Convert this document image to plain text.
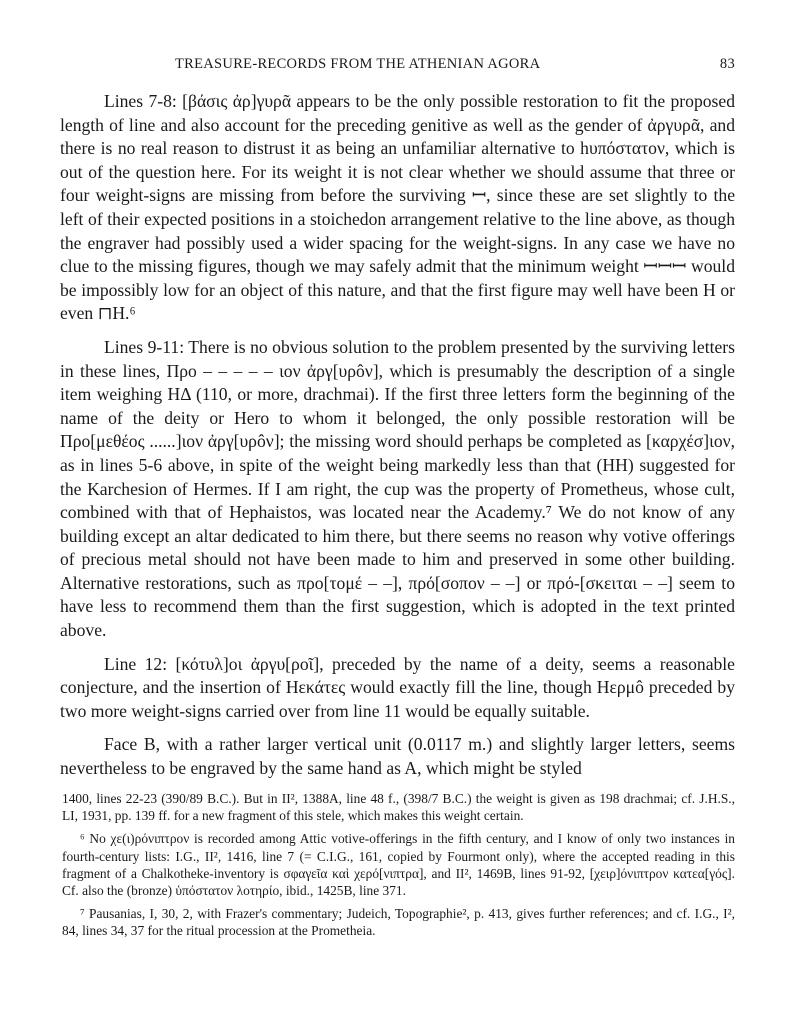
TREASURE-RECORDS FROM THE ATHENIAN AGORA	83

Lines 7-8: [βάσις ἀρ]γυρᾶ appears to be the only possible restoration to fit the proposed length of line and also account for the preceding genitive as well as the gender of ἀργυρᾶ, and there is no real reason to distrust it as being an unfamiliar alternative to hυπόστατον, which is out of the question here. For its weight it is not clear whether we should assume that three or four weight-signs are missing from before the surviving ꟷ, since these are set slightly to the left of their expected positions in a stoichedon arrangement relative to the line above, as though the engraver had possibly used a wider spacing for the weight-signs. In any case we have no clue to the missing figures, though we may safely admit that the minimum weight ꟷꟷꟷ would be impossibly low for an object of this nature, and that the first figure may well have been H or even ⊓H.⁶

Lines 9-11: There is no obvious solution to the problem presented by the surviving letters in these lines, Προ – – – – – ιον ἀργ[υρôν], which is presumably the description of a single item weighing HΔ (110, or more, drachmai). If the first three letters form the beginning of the name of the deity or Hero to whom it belonged, the only possible restoration will be Προ[μεθέος ......]ιον ἀργ[υρôν]; the missing word should perhaps be completed as [καρχέσ]ιον, as in lines 5-6 above, in spite of the weight being markedly less than that (HH) suggested for the Karchesion of Hermes. If I am right, the cup was the property of Prometheus, whose cult, combined with that of Hephaistos, was located near the Academy.⁷ We do not know of any building except an altar dedicated to him there, but there seems no reason why votive offerings of precious metal should not have been made to him and preserved in some other building. Alternative restorations, such as προ[τομέ – –], πρό[σοπον – –] or πρό-[σκειται – –] seem to have less to recommend them than the first suggestion, which is adopted in the text printed above.

Line 12: [κότυλ]οι ἀργυ[ροῖ], preceded by the name of a deity, seems a reasonable conjecture, and the insertion of Hεκάτες would exactly fill the line, though Hερμô preceded by two more weight-signs carried over from line 11 would be equally suitable.

Face B, with a rather larger vertical unit (0.0117 m.) and slightly larger letters, seems nevertheless to be engraved by the same hand as A, which might be styled

1400, lines 22-23 (390/89 B.C.). But in II², 1388A, line 48 f., (398/7 B.C.) the weight is given as 198 drachmai; cf. J.H.S., LI, 1931, pp. 139 ff. for a new fragment of this stele, which makes this weight certain.

⁶ No χε(ι)ρόνιπτρον is recorded among Attic votive-offerings in the fifth century, and I know of only two instances in fourth-century lists: I.G., II², 1416, line 7 (= C.I.G., 161, copied by Fourmont only), where the accepted reading in this fragment of a Chalkotheke-inventory is σφαγεῖα καὶ χερό[νιπτρα], and II², 1469B, lines 91-92, [χειρ]όνιπτρον κατεα[γός]. Cf. also the (bronze) ὑπόστατον λοτηρίο, ibid., 1425B, line 371.

⁷ Pausanias, I, 30, 2, with Frazer's commentary; Judeich, Topographie², p. 413, gives further references; and cf. I.G., I², 84, lines 34, 37 for the ritual procession at the Prometheia.
